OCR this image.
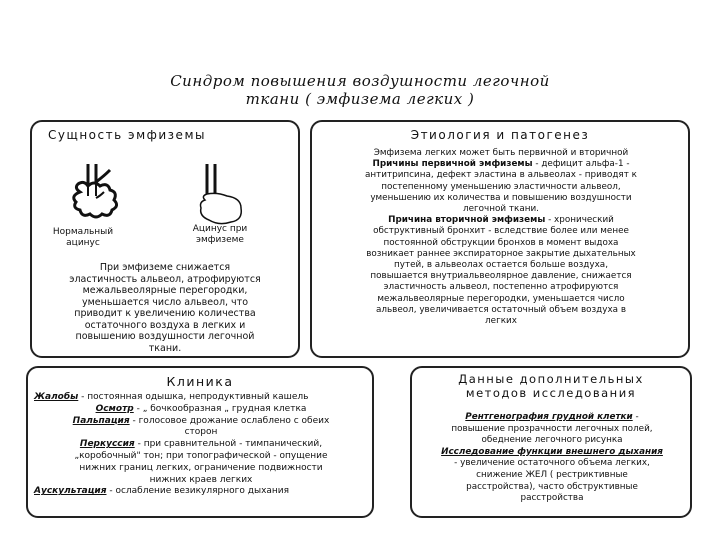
Синдром повышения воздушности легочной
ткани ( эмфизема легких )
Сущность эмфиземы
Нормальный
ацинус
Ацинус при
эмфиземе
При эмфиземе снижается
эластичность альвеол, атрофируются
межальвеолярные перегородки,
уменьшается число альвеол, что
приводит к увеличению количества
остаточного воздуха в легких и
повышению воздушности легочной
ткани.
Этиология и патогенез
Эмфизема легких может быть первичной и вторичной
Причины первичной эмфиземы - дефицит альфа-1 -
антитрипсина, дефект эластина в альвеолах - приводят к
постепенному уменьшению эластичности альвеол,
уменьшению их количества и повышению воздушности
легочной ткани.
Причина вторичной эмфиземы - хронический
обструктивный бронхит - вследствие более или менее
постоянной обструкции бронхов в момент выдоха
возникает раннее экспираторное закрытие дыхательных
путей, в альвеолах остается больше воздуха,
повышается внутриальвеолярное давление, снижается
эластичность альвеол, постепенно атрофируются
межальвеолярные перегородки, уменьшается число
альвеол, увеличивается остаточный объем воздуха в
легких
Клиника
Жалобы - постоянная одышка, непродуктивный кашель
Осмотр - „ бочкообразная „ грудная клетка
Пальпация - голосовое дрожание ослаблено с обеих
сторон
Перкуссия - при сравнительной - тимпанический,
„коробочный" тон; при топографической - опущение
нижних границ легких, ограничение подвижности
нижних краев легких
Аускультация - ослабление везикулярного дыхания
Данные дополнительных
методов исследования
Рентгенография грудной клетки -
повышение прозрачности легочных полей,
обеднение легочного рисунка
Исследование функции внешнего дыхания
- увеличение остаточного объема легких,
снижение ЖЕЛ ( рестриктивные
расстройства), часто обструктивные
расстройства
